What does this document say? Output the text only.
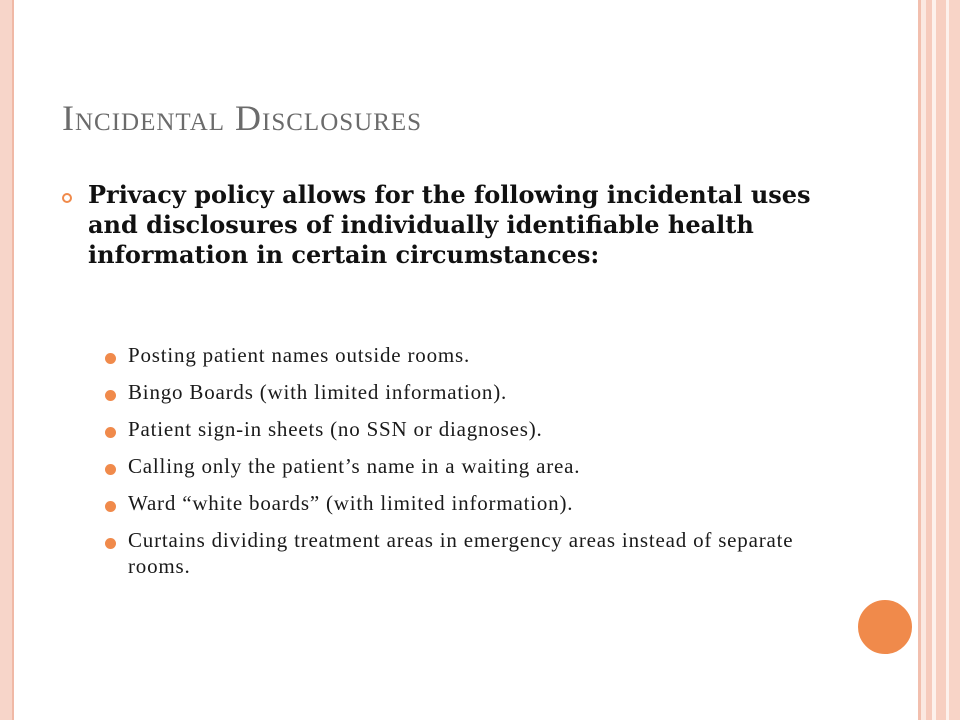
Incidental Disclosures
Privacy policy allows for the following incidental uses and disclosures of individually identifiable health information in certain circumstances:
Posting patient names outside rooms.
Bingo Boards (with limited information).
Patient sign-in sheets (no SSN or diagnoses).
Calling only the patient’s name in a waiting area.
Ward “white boards” (with limited information).
Curtains dividing treatment areas in emergency areas instead of separate rooms.
